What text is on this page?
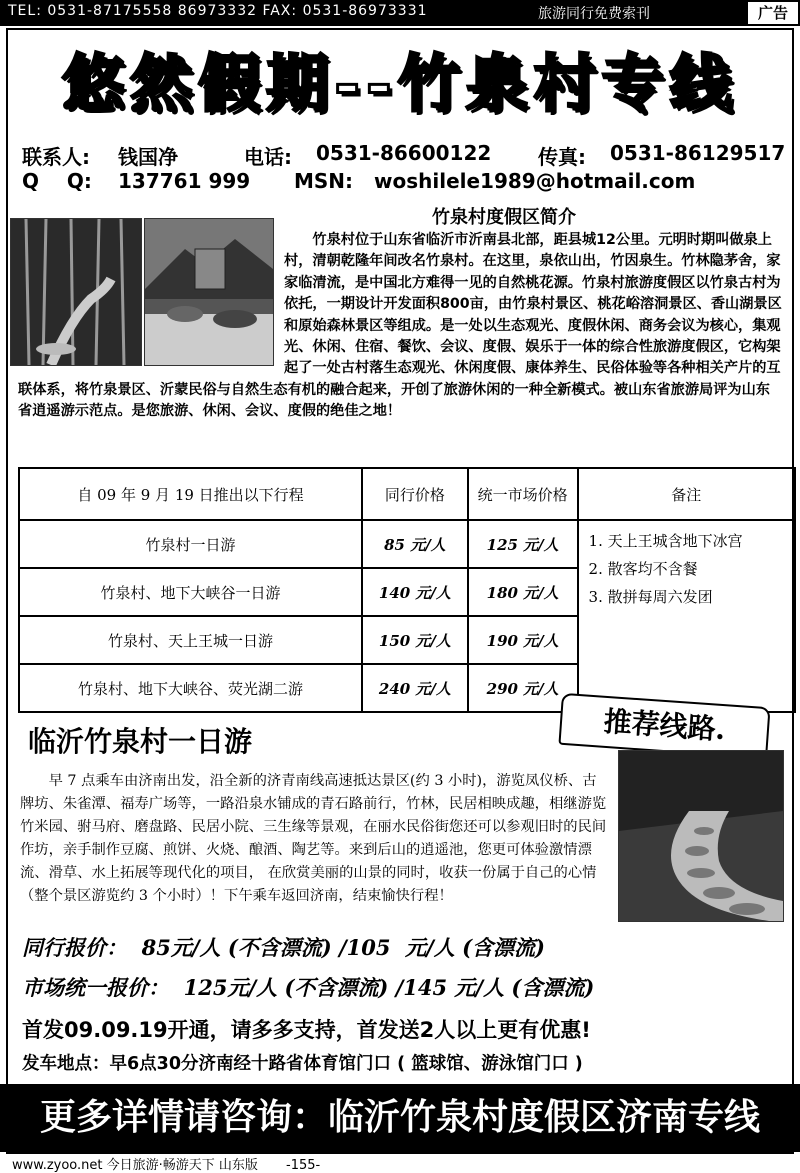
TEL: 0531-87175558 86973332 FAX: 0531-86973331	旅游同行免费索刊	广告
悠然假期--竹泉村专线
联系人: 钱国净	电话: 0531-86600122 传真: 0531-86129517
Q    Q: 137761 999 MSN: woshilele1989@hotmail.com
竹泉村度假区简介

竹泉村位于山东省临沂市沂南县北部，距县城12公里。元明时期叫做泉上村，清朝乾隆年间改名竹泉村。在这里，泉依山出，竹因泉生。竹林隐茅舍，家家临清流，是中国北方难得一见的自然桃花源。竹泉村旅游度假区以竹泉古村为依托，一期设计开发面积800亩，由竹泉村景区、桃花峪溶洞景区、香山湖景区和原始森林景区等组成。是一处以生态观光、度假休闲、商务会议为核心，集观光、休闲、住宿、餐饮、会议、度假、娱乐于一体的综合性旅游度假区，它构架起了一处古村落生态观光、休闲度假、康体养生、民俗体验等各种相关产片的互联体系，将竹泉景区、沂蒙民俗与自然生态有机的融合起来，开创了旅游休闲的一种全新模式。被山东省旅游局评为山东省逍遥游示范点。是您旅游、休闲、会议、度假的绝佳之地！

自 09 年 9 月 19 日推出以下行程	同行价格	统一市场价格	备注
竹泉村一日游	85 元/人	125 元/人	1. 天上王城含地下冰宫
2. 散客均不含餐
3. 散拼每周六发团

竹泉村、地下大峡谷一日游	140 元/人	180 元/人	
竹泉村、天上王城一日游	150 元/人	190 元/人	
竹泉村、地下大峡谷、荧光湖二游	240 元/人	290 元/人	
临沂竹泉村一日游	推荐线路.
早 7 点乘车由济南出发，沿全新的济青南线高速抵达景区(约 3 小时)，游览凤仪桥、古牌坊、朱雀潭、福寿广场等，一路沿泉水铺成的青石路前行，竹林，民居相映成趣，相继游览竹米园、驸马府、磨盘路、民居小院、三生缘等景观，在丽水民俗街您还可以参观旧时的民间作坊，亲手制作豆腐、煎饼、火烧、酿酒、陶艺等。来到后山的逍遥池，您更可体验激情漂流、滑草、水上拓展等现代化的项目， 在欣赏美丽的山景的同时，收获一份属于自己的心情（整个景区游览约 3 个小时）！下午乘车返回济南，结束愉快行程！
同行报价：  85元/人 (不含漂流) /105  元/人 (含漂流)
市场统一报价：  125元/人 (不含漂流) /145 元/人 (含漂流)
首发09.09.19开通，请多多支持，首发送2人以上更有优惠!
发车地点：早6点30分济南经十路省体育馆门口 ( 篮球馆、游泳馆门口 )
更多详情请咨询：临沂竹泉村度假区济南专线
www.zyoo.net 今日旅游·畅游天下 山东版 -155-
